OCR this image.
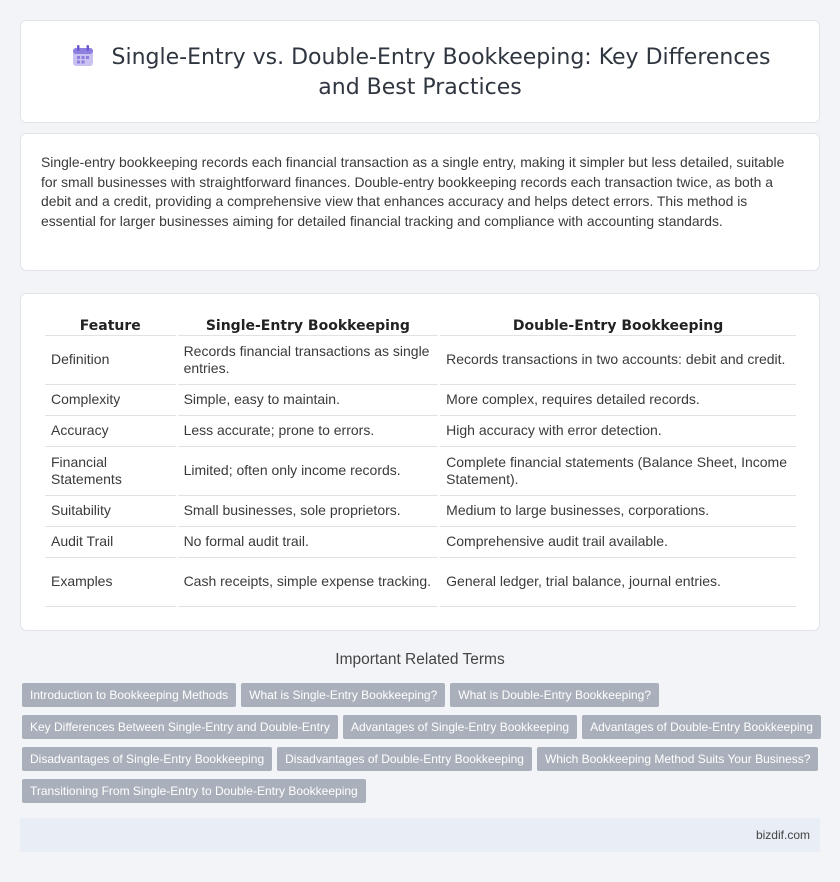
Single-Entry vs. Double-Entry Bookkeeping: Key Differences and Best Practices

Single-entry bookkeeping records each financial transaction as a single entry, making it simpler but less detailed, suitable for small businesses with straightforward finances. Double-entry bookkeeping records each transaction twice, as both a debit and a credit, providing a comprehensive view that enhances accuracy and helps detect errors. This method is essential for larger businesses aiming for detailed financial tracking and compliance with accounting standards.

Feature	Single-Entry Bookkeeping	Double-Entry Bookkeeping
Definition	Records financial transactions as single entries.	Records transactions in two accounts: debit and credit.
Complexity	Simple, easy to maintain.	More complex, requires detailed records.
Accuracy	Less accurate; prone to errors.	High accuracy with error detection.
Financial Statements	Limited; often only income records.	Complete financial statements (Balance Sheet, Income Statement).
Suitability	Small businesses, sole proprietors.	Medium to large businesses, corporations.
Audit Trail	No formal audit trail.	Comprehensive audit trail available.
Examples	Cash receipts, simple expense tracking.	General ledger, trial balance, journal entries.
Important Related Terms
Introduction to Bookkeeping Methods What is Single-Entry Bookkeeping? What is Double-Entry Bookkeeping?
Key Differences Between Single-Entry and Double-Entry Advantages of Single-Entry Bookkeeping Advantages of Double-Entry Bookkeeping
Disadvantages of Single-Entry Bookkeeping Disadvantages of Double-Entry Bookkeeping Which Bookkeeping Method Suits Your Business?
Transitioning From Single-Entry to Double-Entry Bookkeeping
bizdif.com
